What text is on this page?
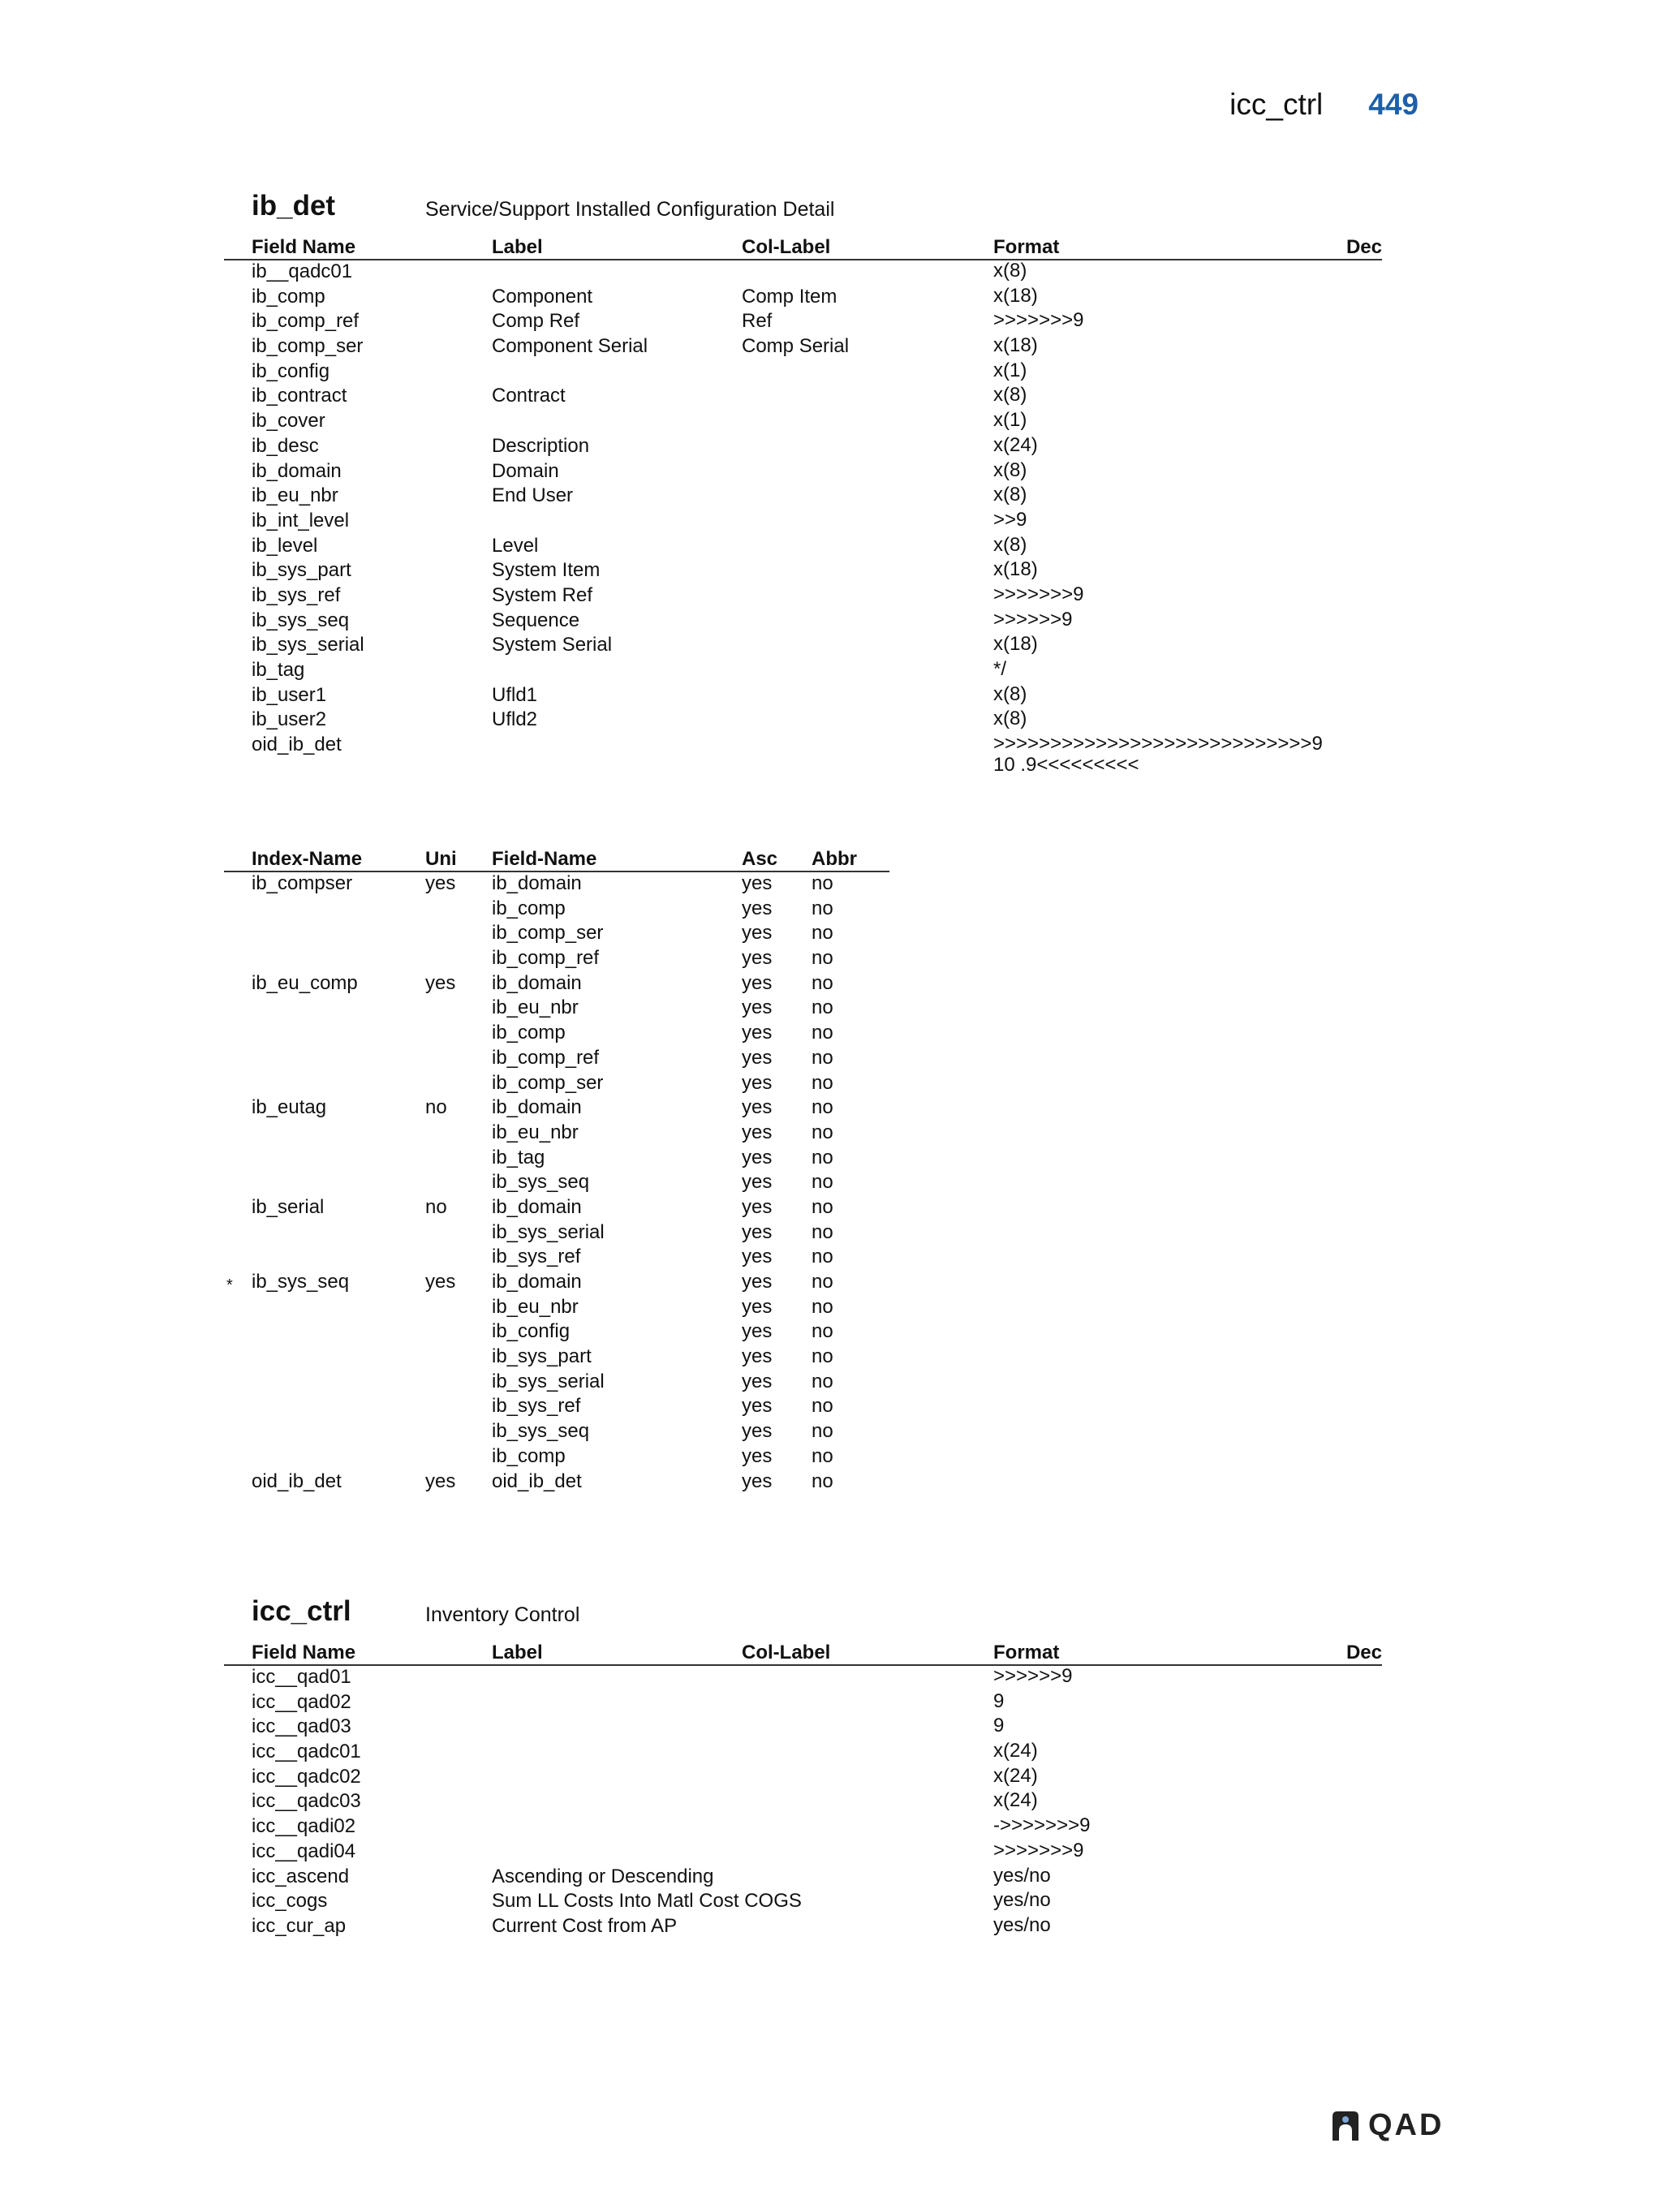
icc_ctrl 449
ib_det	Service/Support Installed Configuration Detail
Field Name	Label	Col-Label	Format	Dec
ib__qadc01			x(8)	
ib_comp	Component	Comp Item	x(18)	
ib_comp_ref	Comp Ref	Ref	>>>>>>>9	
ib_comp_ser	Component Serial	Comp Serial	x(18)	
ib_config			x(1)	
ib_contract	Contract		x(8)	
ib_cover			x(1)	
ib_desc	Description		x(24)	
ib_domain	Domain		x(8)	
ib_eu_nbr	End User		x(8)	
ib_int_level			>>9	
ib_level	Level		x(8)	
ib_sys_part	System Item		x(18)	
ib_sys_ref	System Ref		>>>>>>>9	
ib_sys_seq	Sequence		>>>>>>9	
ib_sys_serial	System Serial		x(18)	
ib_tag			*/	
ib_user1	Ufld1		x(8)	
ib_user2	Ufld2		x(8)	
oid_ib_det			>>>>>>>>>>>>>>>>>>>>>>>>>>>>9 10 .9<<<<<<<<<	
Index-Name	Uni	Field-Name	Asc	Abbr
ib_compser	yes	ib_domain	yes	no
		ib_comp	yes	no
		ib_comp_ser	yes	no
		ib_comp_ref	yes	no
ib_eu_comp	yes	ib_domain	yes	no
		ib_eu_nbr	yes	no
		ib_comp	yes	no
		ib_comp_ref	yes	no
		ib_comp_ser	yes	no
ib_eutag	no	ib_domain	yes	no
		ib_eu_nbr	yes	no
		ib_tag	yes	no
		ib_sys_seq	yes	no
ib_serial	no	ib_domain	yes	no
		ib_sys_serial	yes	no
		ib_sys_ref	yes	no

* ib_sys_seq	yes	ib_domain	yes	no
		ib_eu_nbr	yes	no
		ib_config	yes	no
		ib_sys_part	yes	no
		ib_sys_serial	yes	no
		ib_sys_ref	yes	no
		ib_sys_seq	yes	no
		ib_comp	yes	no
oid_ib_det	yes	oid_ib_det	yes	no
icc_ctrl	Inventory Control
Field Name	Label	Col-Label	Format	Dec
icc__qad01			>>>>>>9	
icc__qad02			9	
icc__qad03			9	
icc__qadc01			x(24)	
icc__qadc02			x(24)	
icc__qadc03			x(24)	
icc__qadi02			->>>>>>>9	
icc__qadi04			>>>>>>>9	
icc_ascend	Ascending or Descending		yes/no	
icc_cogs	Sum LL Costs Into Matl Cost COGS		yes/no	
icc_cur_ap	Current Cost from AP		yes/no	
QAD
